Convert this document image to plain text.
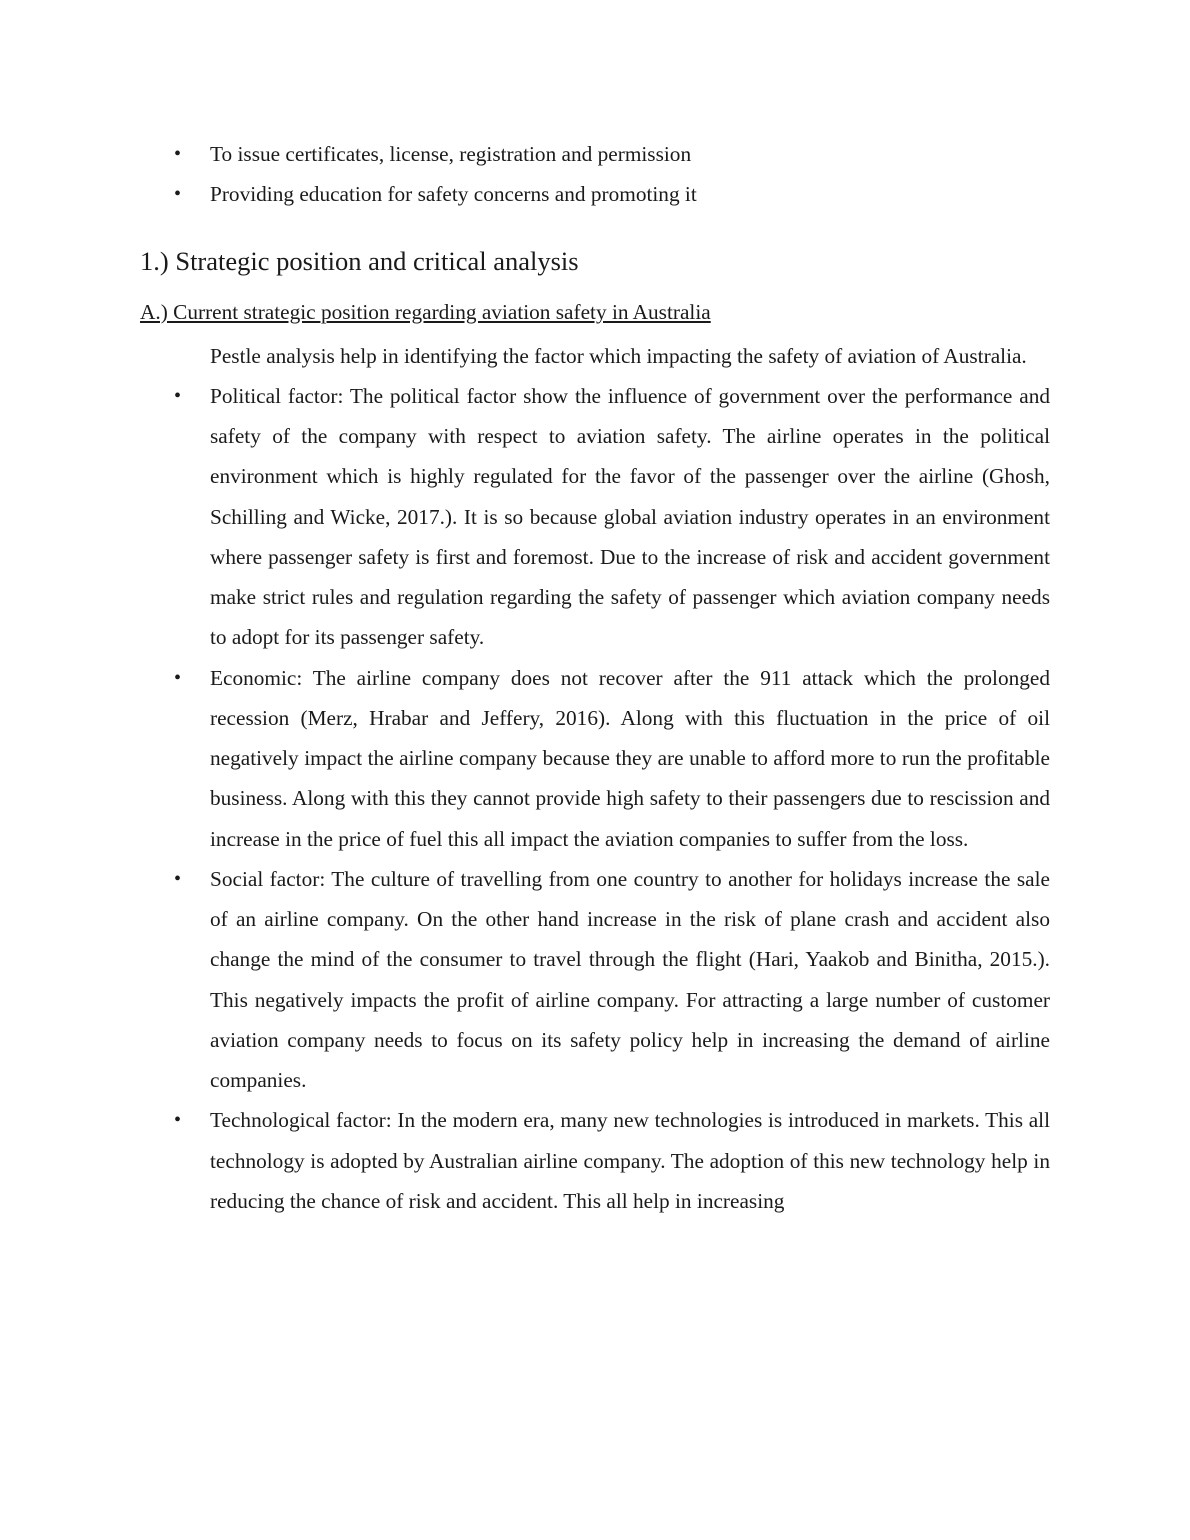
• To issue certificates, license, registration and permission
• Providing education for safety concerns and promoting it
1.) Strategic position and critical analysis
A.) Current strategic position regarding aviation safety in Australia

Pestle analysis help in identifying the factor which impacting the safety of aviation of Australia.

• Political factor: The political factor show the influence of government over the performance and safety of the company with respect to aviation safety. The airline operates in the political environment which is highly regulated for the favor of the passenger over the airline (Ghosh, Schilling and Wicke, 2017.). It is so because global aviation industry operates in an environment where passenger safety is first and foremost. Due to the increase of risk and accident government make strict rules and regulation regarding the safety of passenger which aviation company needs to adopt for its passenger safety.
• Economic: The airline company does not recover after the 911 attack which the prolonged recession (Merz, Hrabar and Jeffery, 2016). Along with this fluctuation in the price of oil negatively impact the airline company because they are unable to afford more to run the profitable business. Along with this they cannot provide high safety to their passengers due to rescission and increase in the price of fuel this all impact the aviation companies to suffer from the loss.
• Social factor: The culture of travelling from one country to another for holidays increase the sale of an airline company. On the other hand increase in the risk of plane crash and accident also change the mind of the consumer to travel through the flight (Hari, Yaakob and Binitha, 2015.). This negatively impacts the profit of airline company. For attracting a large number of customer aviation company needs to focus on its safety policy help in increasing the demand of airline companies.
• Technological factor: In the modern era, many new technologies is introduced in markets. This all technology is adopted by Australian airline company. The adoption of this new technology help in reducing the chance of risk and accident. This all help in increasing
